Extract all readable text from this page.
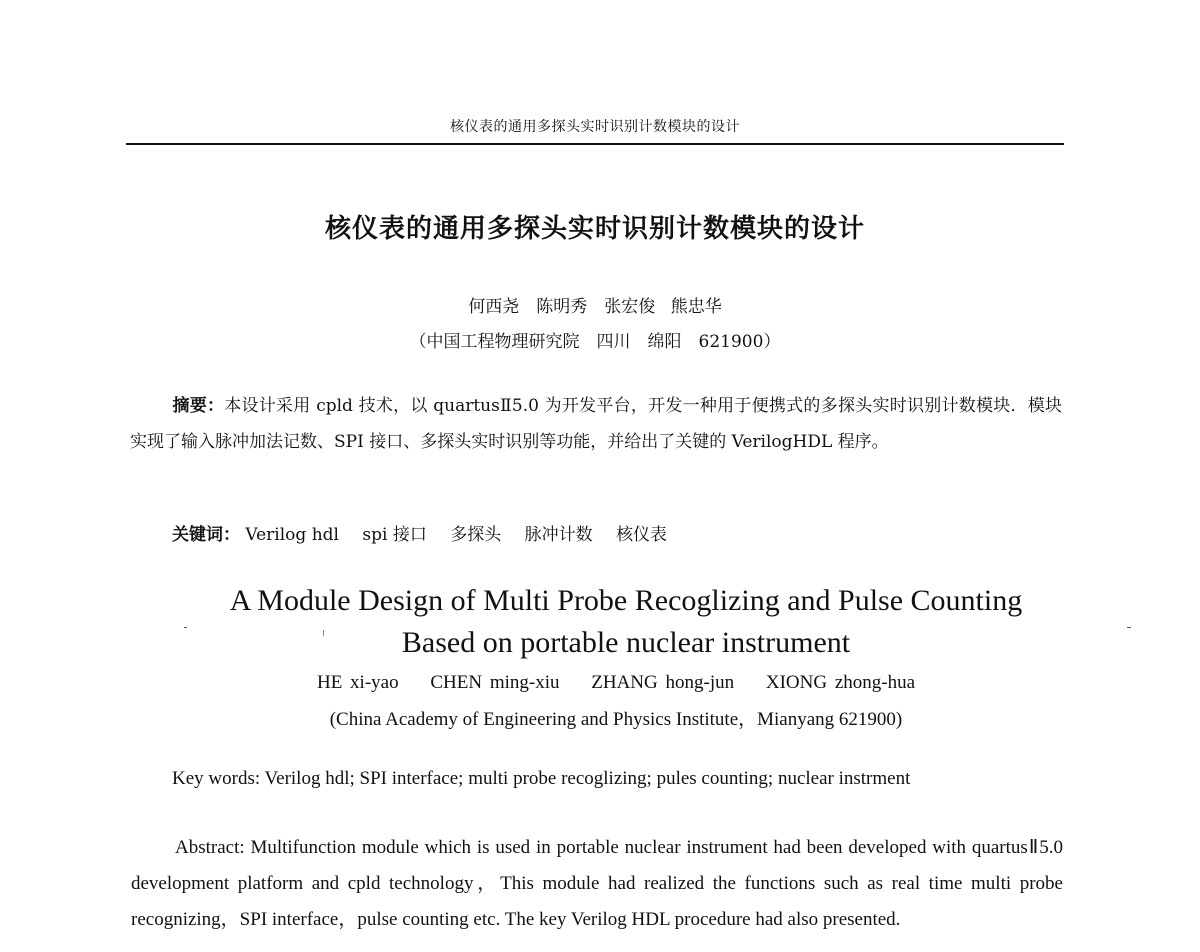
核仪表的通用多探头实时识别计数模块的设计
核仪表的通用多探头实时识别计数模块的设计
何西尧　陈明秀　张宏俊 熊忠华
（中国工程物理研究院　四川　绵阳　621900）
摘要：本设计采用 cpld 技术，以 quartusⅡ5.0 为开发平台，开发一种用于便携式的多探头实时识别计数模块．模块实现了输入脉冲加法记数、SPI 接口、多探头实时识别等功能，并给出了关键的 VerilogHDL 程序。
关键词： Verilog hdl spi 接口 多探头 脉冲计数 核仪表
A Module Design of Multi Probe Recoglizing and Pulse Counting
Based on portable nuclear instrument
HE xi-yao CHEN ming-xiu ZHANG hong-jun XIONG zhong-hua
(China Academy of Engineering and Physics Institute，Mianyang 621900)
Key words: Verilog hdl; SPI interface; multi probe recoglizing; pules counting; nuclear instrment
Abstract: Multifunction module which is used in portable nuclear instrument had been developed with quartusⅡ5.0 development platform and cpld technology，This module had realized the functions such as real time multi probe recognizing，SPI interface，pulse counting etc. The key Verilog HDL procedure had also presented.
